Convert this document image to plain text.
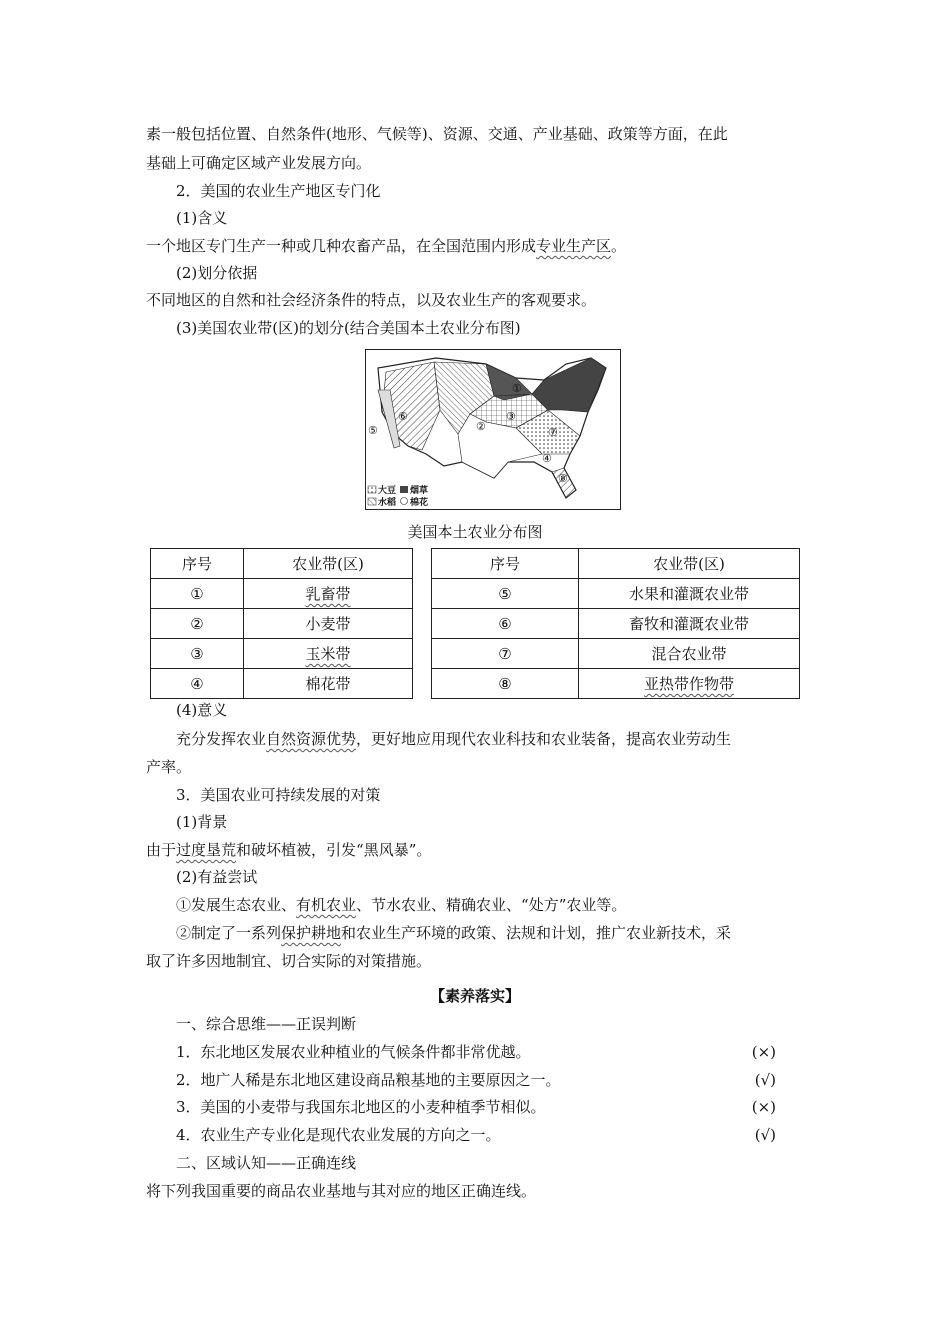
素一般包括位置、自然条件(地形、气候等)、资源、交通、产业基础、政策等方面，在此
基础上可确定区域产业发展方向。
2．美国的农业生产地区专门化
(1)含义
一个地区专门生产一种或几种农畜产品，在全国范围内形成专业生产区。
(2)划分依据
不同地区的自然和社会经济条件的特点，以及农业生产的客观要求。
(3)美国农业带(区)的划分(结合美国本土农业分布图)
①
②
③
④
⑤
⑥
⑦
⑧
大豆 烟草
水稻 棉花
美国本土农业分布图
序号	农业带(区)		序号	农业带(区)
①	乳畜带		⑤	水果和灌溉农业带
②	小麦带		⑥	畜牧和灌溉农业带
③	玉米带		⑦	混合农业带
④	棉花带		⑧	亚热带作物带
(4)意义
充分发挥农业自然资源优势，更好地应用现代农业科技和农业装备，提高农业劳动生
产率。
3．美国农业可持续发展的对策
(1)背景
由于过度垦荒和破坏植被，引发“黑风暴”。
(2)有益尝试
①发展生态农业、有机农业、节水农业、精确农业、“处方”农业等。
②制定了一系列保护耕地和农业生产环境的政策、法规和计划，推广农业新技术，采
取了许多因地制宜、切合实际的对策措施。
【素养落实】
一、综合思维——正误判断
1．东北地区发展农业种植业的气候条件都非常优越。	(×)
2．地广人稀是东北地区建设商品粮基地的主要原因之一。	(√)
3．美国的小麦带与我国东北地区的小麦种植季节相似。	(×)
4．农业生产专业化是现代农业发展的方向之一。	(√)
二、区域认知——正确连线
将下列我国重要的商品农业基地与其对应的地区正确连线。
